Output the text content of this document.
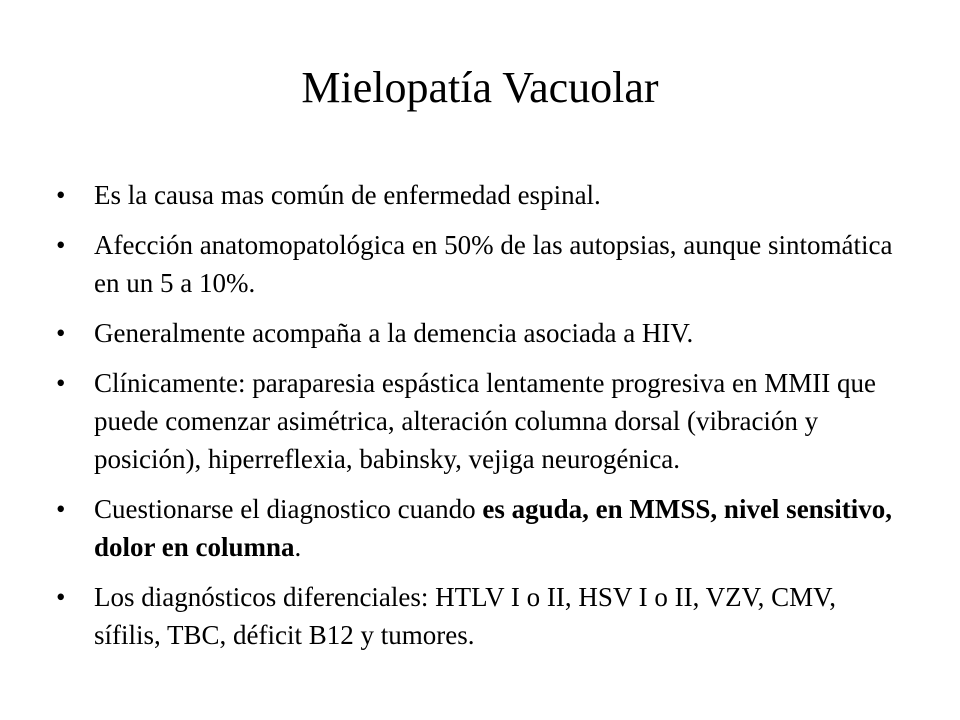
Mielopatía Vacuolar
•	Es la causa mas común de enfermedad espinal.
•	Afección anatomopatológica en 50% de las autopsias, aunque sintomática en un 5 a 10%.
•	Generalmente acompaña a la demencia asociada a HIV.
•	Clínicamente: paraparesia espástica lentamente progresiva en MMII que puede comenzar asimétrica, alteración columna dorsal (vibración y posición), hiperreflexia, babinsky, vejiga neurogénica.
•	Cuestionarse el diagnostico cuando es aguda, en MMSS, nivel sensitivo, dolor en columna.
•	Los diagnósticos diferenciales: HTLV I o II, HSV I o II, VZV, CMV, sífilis, TBC, déficit B12 y tumores.
